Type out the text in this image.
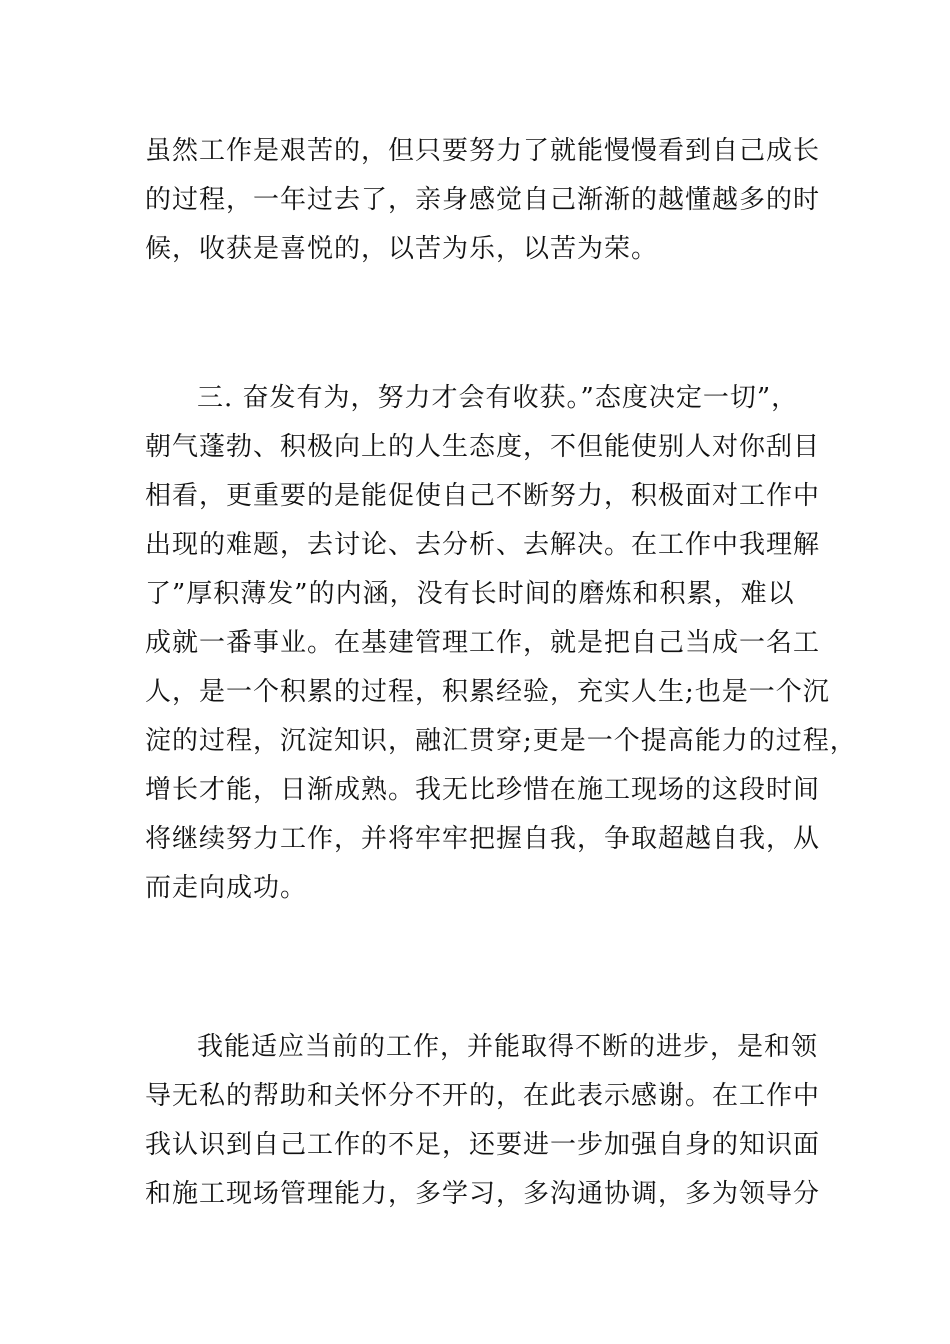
虽然工作是艰苦的，但只要努力了就能慢慢看到自己成长
的过程，一年过去了，亲身感觉自己渐渐的越懂越多的时
候，收获是喜悦的，以苦为乐，以苦为荣。
三. 奋发有为，努力才会有收获。”态度决定一切”，
朝气蓬勃、积极向上的人生态度，不但能使别人对你刮目
相看，更重要的是能促使自己不断努力，积极面对工作中
出现的难题，去讨论、去分析、去解决。在工作中我理解
了”厚积薄发”的内涵，没有长时间的磨炼和积累，难以
成就一番事业。在基建管理工作，就是把自己当成一名工
人，是一个积累的过程，积累经验，充实人生;也是一个沉
淀的过程，沉淀知识，融汇贯穿;更是一个提高能力的过程，
增长才能，日渐成熟。我无比珍惜在施工现场的这段时间
将继续努力工作，并将牢牢把握自我，争取超越自我，从
而走向成功。
我能适应当前的工作，并能取得不断的进步，是和领
导无私的帮助和关怀分不开的，在此表示感谢。在工作中
我认识到自己工作的不足，还要进一步加强自身的知识面
和施工现场管理能力，多学习，多沟通协调，多为领导分
